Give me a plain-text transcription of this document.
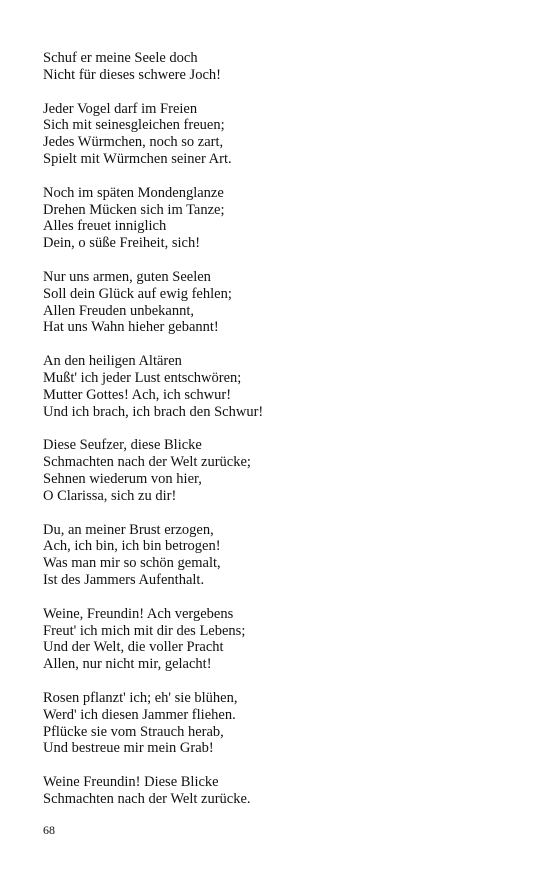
Schuf er meine Seele doch
Nicht für dieses schwere Joch!
Jeder Vogel darf im Freien
Sich mit seinesgleichen freuen;
Jedes Würmchen, noch so zart,
Spielt mit Würmchen seiner Art.
Noch im späten Mondenglanze
Drehen Mücken sich im Tanze;
Alles freuet inniglich
Dein, o süße Freiheit, sich!
Nur uns armen, guten Seelen
Soll dein Glück auf ewig fehlen;
Allen Freuden unbekannt,
Hat uns Wahn hieher gebannt!
An den heiligen Altären
Mußt' ich jeder Lust entschwören;
Mutter Gottes! Ach, ich schwur!
Und ich brach, ich brach den Schwur!
Diese Seufzer, diese Blicke
Schmachten nach der Welt zurücke;
Sehnen wiederum von hier,
O Clarissa, sich zu dir!
Du, an meiner Brust erzogen,
Ach, ich bin, ich bin betrogen!
Was man mir so schön gemalt,
Ist des Jammers Aufenthalt.
Weine, Freundin! Ach vergebens
Freut' ich mich mit dir des Lebens;
Und der Welt, die voller Pracht
Allen, nur nicht mir, gelacht!
Rosen pflanzt' ich; eh' sie blühen,
Werd' ich diesen Jammer fliehen.
Pflücke sie vom Strauch herab,
Und bestreue mir mein Grab!
Weine Freundin! Diese Blicke
Schmachten nach der Welt zurücke.
68
